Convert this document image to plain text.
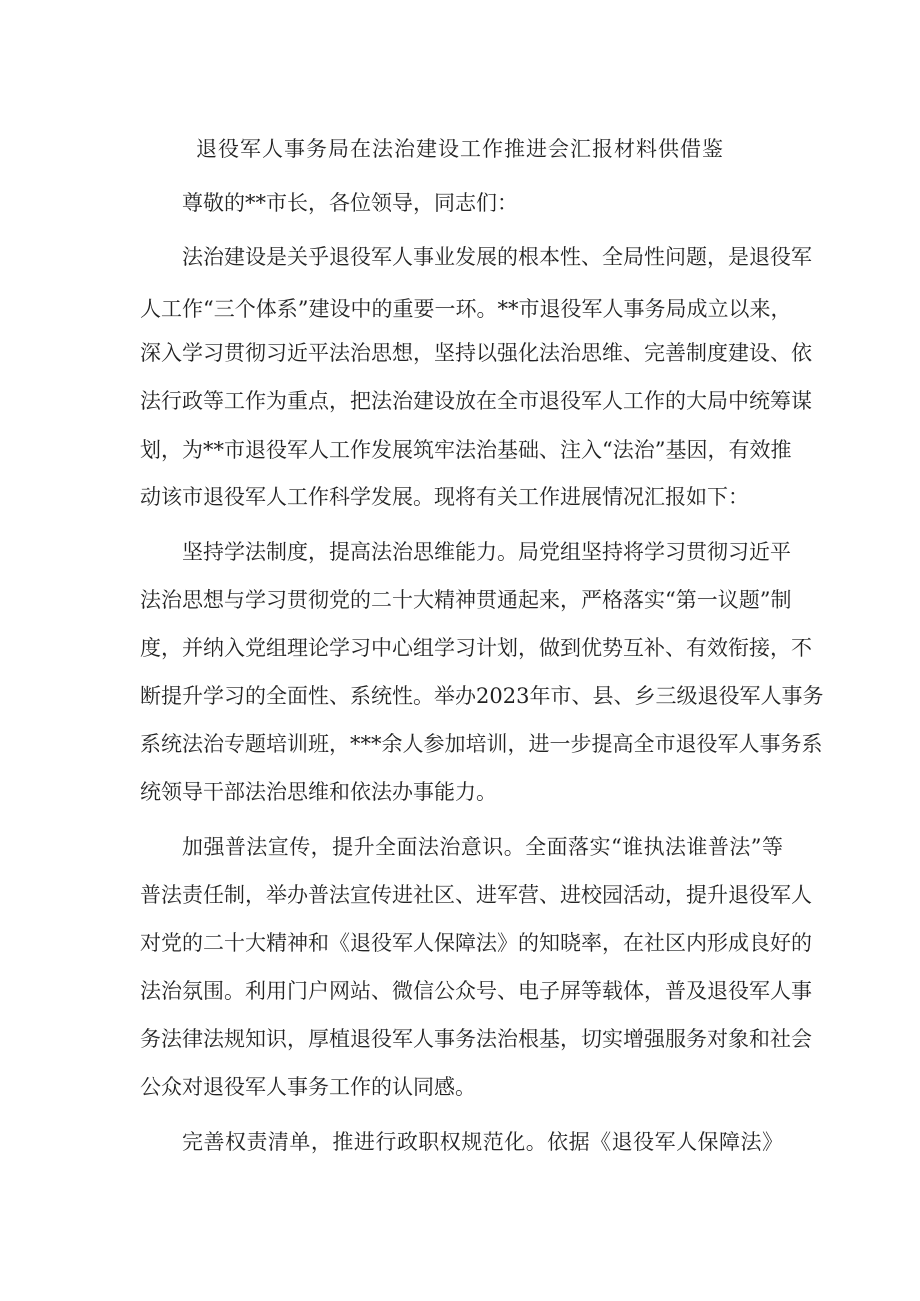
退役军人事务局在法治建设工作推进会汇报材料供借鉴
尊敬的**市长，各位领导，同志们：
法治建设是关乎退役军人事业发展的根本性、全局性问题，是退役军
人工作“三个体系”建设中的重要一环。**市退役军人事务局成立以来，
深入学习贯彻习近平法治思想，坚持以强化法治思维、完善制度建设、依
法行政等工作为重点，把法治建设放在全市退役军人工作的大局中统筹谋
划，为**市退役军人工作发展筑牢法治基础、注入“法治”基因，有效推
动该市退役军人工作科学发展。现将有关工作进展情况汇报如下：
坚持学法制度，提高法治思维能力。局党组坚持将学习贯彻习近平
法治思想与学习贯彻党的二十大精神贯通起来，严格落实“第一议题”制
度，并纳入党组理论学习中心组学习计划，做到优势互补、有效衔接，不
断提升学习的全面性、系统性。举办2023年市、县、乡三级退役军人事务
系统法治专题培训班，***余人参加培训，进一步提高全市退役军人事务系
统领导干部法治思维和依法办事能力。
加强普法宣传，提升全面法治意识。全面落实“谁执法谁普法”等
普法责任制，举办普法宣传进社区、进军营、进校园活动，提升退役军人
对党的二十大精神和《退役军人保障法》的知晓率，在社区内形成良好的
法治氛围。利用门户网站、微信公众号、电子屏等载体，普及退役军人事
务法律法规知识，厚植退役军人事务法治根基，切实增强服务对象和社会
公众对退役军人事务工作的认同感。
完善权责清单，推进行政职权规范化。依据《退役军人保障法》
